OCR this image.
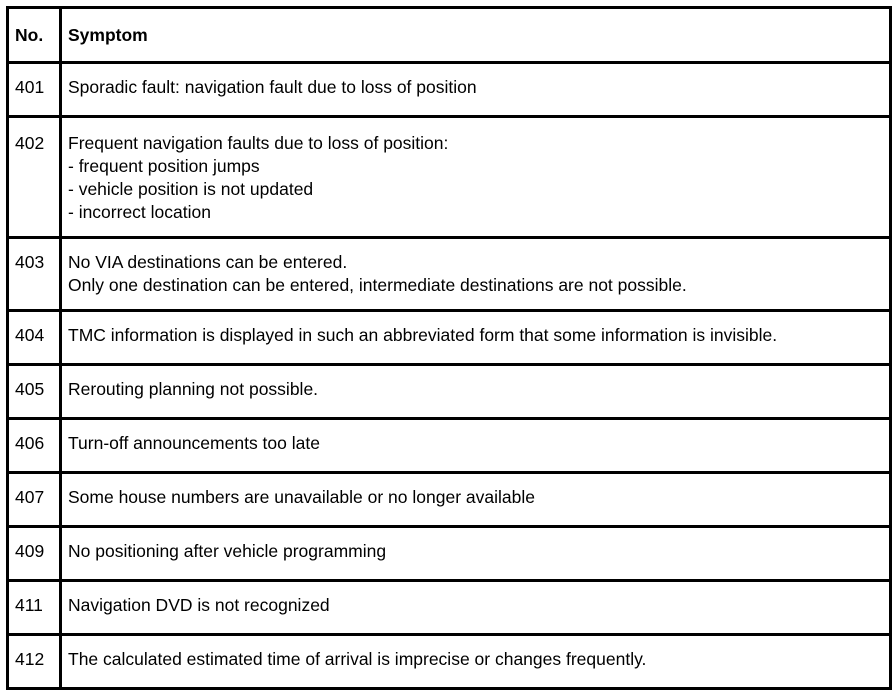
No.	Symptom
401	Sporadic fault: navigation fault due to loss of position

402	Frequent navigation faults due to loss of position:
- frequent position jumps
- vehicle position is not updated
- incorrect location

403	No VIA destinations can be entered.
Only one destination can be entered, intermediate destinations are not possible.

404	TMC information is displayed in such an abbreviated form that some information is invisible.

405	Rerouting planning not possible.

406	Turn-off announcements too late

407	Some house numbers are unavailable or no longer available

409	No positioning after vehicle programming

411	Navigation DVD is not recognized

412	The calculated estimated time of arrival is imprecise or changes frequently.
